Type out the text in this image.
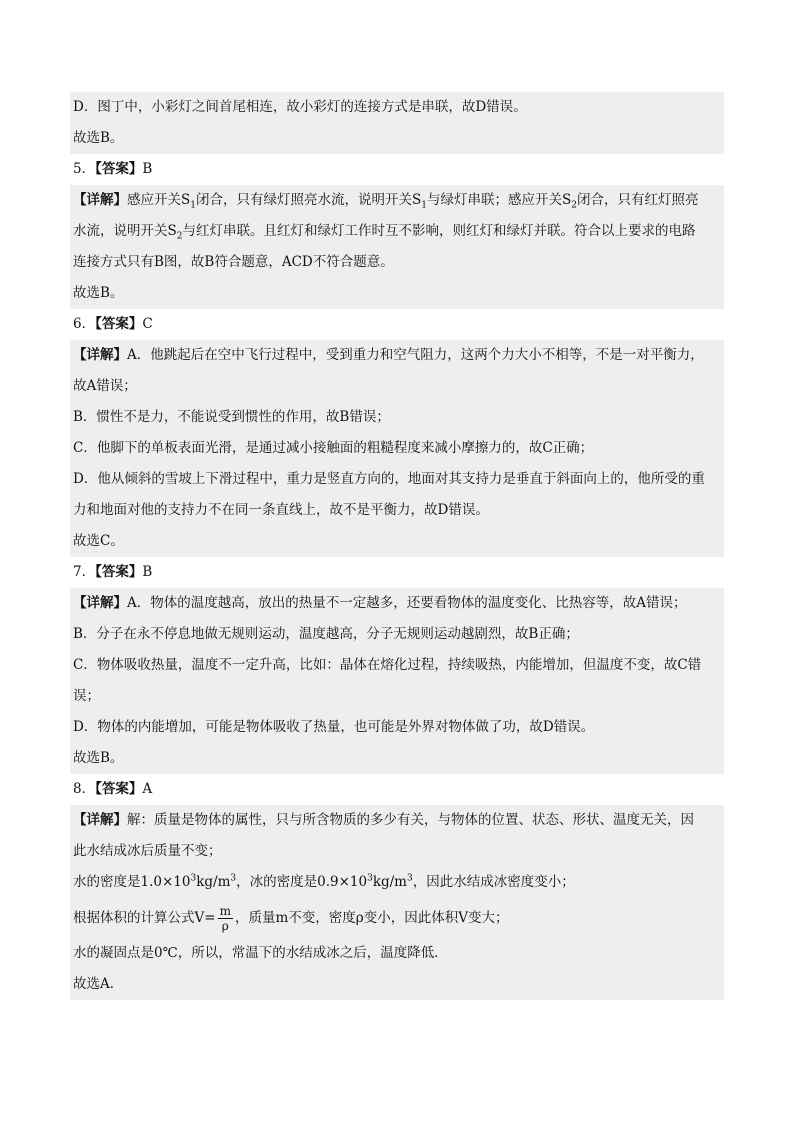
D．图丁中，小彩灯之间首尾相连，故小彩灯的连接方式是串联，故D错误。
故选B。
5．【答案】B
【详解】感应开关$S_1$闭合，只有绿灯照亮水流，说明开关$S_1$与绿灯串联；感应开关$S_2$闭合，只有红灯照亮
水流，说明开关$S_2$与红灯串联。且红灯和绿灯工作时互不影响，则红灯和绿灯并联。符合以上要求的电路
连接方式只有B图，故B符合题意，ACD不符合题意。
故选B。
6．【答案】C
【详解】A．他跳起后在空中飞行过程中，受到重力和空气阻力，这两个力大小不相等，不是一对平衡力，
故A错误；
B．惯性不是力，不能说受到惯性的作用，故B错误；
C．他脚下的单板表面光滑，是通过减小接触面的粗糙程度来减小摩擦力的，故C正确；
D．他从倾斜的雪坡上下滑过程中，重力是竖直方向的，地面对其支持力是垂直于斜面向上的，他所受的重
力和地面对他的支持力不在同一条直线上，故不是平衡力，故D错误。
故选C。
7．【答案】B
【详解】A．物体的温度越高，放出的热量不一定越多，还要看物体的温度变化、比热容等，故A错误；
B．分子在永不停息地做无规则运动，温度越高，分子无规则运动越剧烈，故B正确；
C．物体吸收热量，温度不一定升高，比如：晶体在熔化过程，持续吸热，内能增加，但温度不变，故C错
误；
D．物体的内能增加，可能是物体吸收了热量，也可能是外界对物体做了功，故D错误。
故选B。
8．【答案】A
【详解】解：质量是物体的属性，只与所含物质的多少有关，与物体的位置、状态、形状、温度无关，因
此水结成冰后质量不变；
水的密度是$1.0\times 10^3kg/m^3$，冰的密度是$0.9\times 10^3kg/m^3$，因此水结成冰密度变小；
根据体积的计算公式$V= \frac{m}{\rho}$ ，质量m不变，密度ρ变小，因此体积V变大；
水的凝固点是0℃，所以，常温下的水结成冰之后，温度降低．
故选A．
